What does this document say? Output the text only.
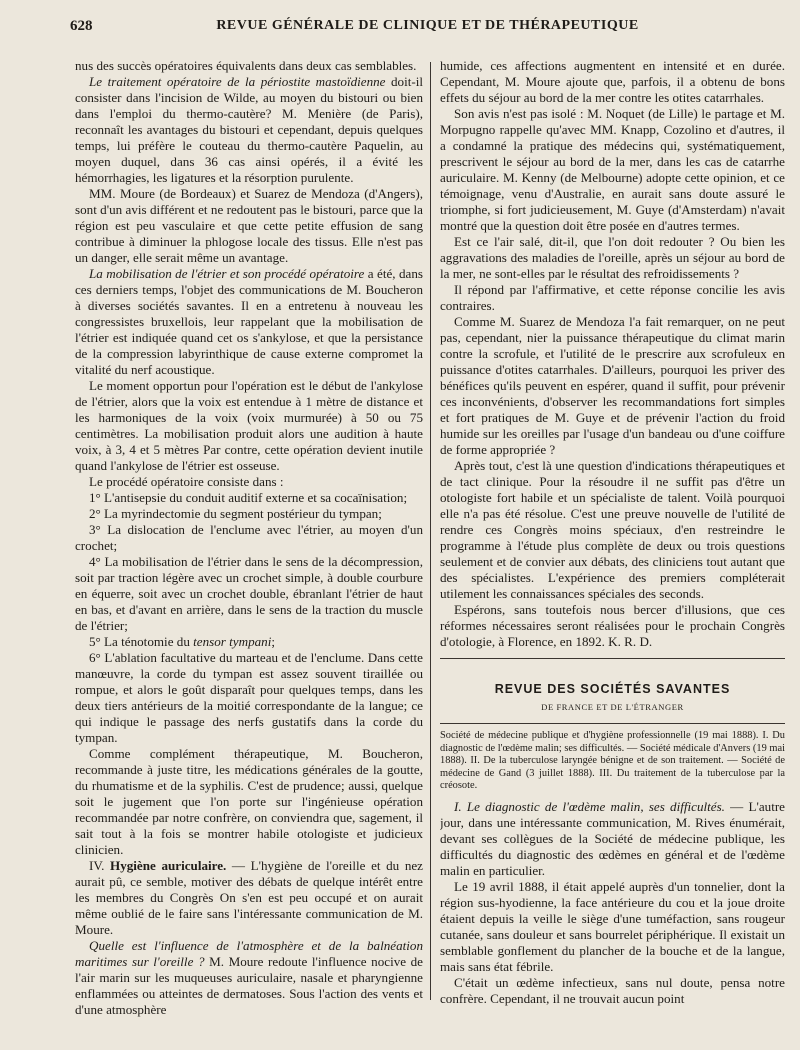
628	REVUE GÉNÉRALE DE CLINIQUE ET DE THÉRAPEUTIQUE

nus des succès opératoires équivalents dans deux cas semblables.

Le traitement opératoire de la périostite mastoïdienne doit-il consister dans l'incision de Wilde, au moyen du bistouri ou bien dans l'emploi du thermo-cautère? M. Menière (de Paris), reconnaît les avantages du bistouri et cependant, depuis quelques temps, lui préfère le couteau du thermo-cautère Paquelin, au moyen duquel, dans 36 cas ainsi opérés, il a évité les hémorrhagies, les ligatures et la résorption purulente.

MM. Moure (de Bordeaux) et Suarez de Mendoza (d'Angers), sont d'un avis différent et ne redoutent pas le bistouri, parce que la région est peu vasculaire et que cette petite effusion de sang contribue à diminuer la phlogose locale des tissus. Elle n'est pas un danger, elle serait même un avantage.

La mobilisation de l'étrier et son procédé opératoire a été, dans ces derniers temps, l'objet des communications de M. Boucheron à diverses sociétés savantes. Il en a entretenu à nouveau les congressistes bruxellois, leur rappelant que la mobilisation de l'étrier est indiquée quand cet os s'ankylose, et que la persistance de la compression labyrinthique de cause externe compromet la vitalité du nerf acoustique.

Le moment opportun pour l'opération est le début de l'ankylose de l'étrier, alors que la voix est entendue à 1 mètre de distance et les harmoniques de la voix (voix murmurée) à 50 ou 75 centimètres. La mobilisation produit alors une audition à haute voix, à 3, 4 et 5 mètres Par contre, cette opération devient inutile quand l'ankylose de l'étrier est osseuse.

Le procédé opératoire consiste dans :

1° L'antisepsie du conduit auditif externe et sa cocaïnisation;

2° La myrindectomie du segment postérieur du tympan;

3° La dislocation de l'enclume avec l'étrier, au moyen d'un crochet;

4° La mobilisation de l'étrier dans le sens de la décompression, soit par traction légère avec un crochet simple, à double courbure en équerre, soit avec un crochet double, ébranlant l'étrier de haut en bas, et d'avant en arrière, dans le sens de la traction du muscle de l'étrier;

5° La ténotomie du tensor tympani;

6° L'ablation facultative du marteau et de l'enclume. Dans cette manœuvre, la corde du tympan est assez souvent tiraillée ou rompue, et alors le goût disparaît pour quelques temps, dans les deux tiers antérieurs de la moitié correspondante de la langue; ce qui indique le passage des nerfs gustatifs dans la corde du tympan.

Comme complément thérapeutique, M. Boucheron, recommande à juste titre, les médications générales de la goutte, du rhumatisme et de la syphilis. C'est de prudence; aussi, quelque soit le jugement que l'on porte sur l'ingénieuse opération recommandée par notre confrère, on conviendra que, sagement, il sait tout à la fois se montrer habile otologiste et judicieux clinicien.

IV. Hygiène auriculaire. — L'hygiène de l'oreille et du nez aurait pû, ce semble, motiver des débats de quelque intérêt entre les membres du Congrès On s'en est peu occupé et on aurait même oublié de le faire sans l'intéressante communication de M. Moure.

Quelle est l'influence de l'atmosphère et de la balnéation maritimes sur l'oreille ? M. Moure redoute l'influence nocive de l'air marin sur les muqueuses auriculaire, nasale et pharyngienne enflammées ou atteintes de dermatoses. Sous l'action des vents et d'une atmosphère

humide, ces affections augmentent en intensité et en durée. Cependant, M. Moure ajoute que, parfois, il a obtenu de bons effets du séjour au bord de la mer contre les otites catarrhales.

Son avis n'est pas isolé : M. Noquet (de Lille) le partage et M. Morpugno rappelle qu'avec MM. Knapp, Cozolino et d'autres, il a condamné la pratique des médecins qui, systématiquement, prescrivent le séjour au bord de la mer, dans les cas de catarrhe auriculaire. M. Kenny (de Melbourne) adopte cette opinion, et ce témoignage, venu d'Australie, en aurait sans doute assuré le triomphe, si fort judicieusement, M. Guye (d'Amsterdam) n'avait montré que la question doit être posée en d'autres termes.

Est ce l'air salé, dit-il, que l'on doit redouter ? Ou bien les aggravations des maladies de l'oreille, après un séjour au bord de la mer, ne sont-elles par le résultat des refroidissements ?

Il répond par l'affirmative, et cette réponse concilie les avis contraires.

Comme M. Suarez de Mendoza l'a fait remarquer, on ne peut pas, cependant, nier la puissance thérapeutique du climat marin contre la scrofule, et l'utilité de le prescrire aux scrofuleux en puissance d'otites catarrhales. D'ailleurs, pourquoi les priver des bénéfices qu'ils peuvent en espérer, quand il suffit, pour prévenir ces inconvénients, d'observer les recommandations fort simples et fort pratiques de M. Guye et de prévenir l'action du froid humide sur les oreilles par l'usage d'un bandeau ou d'une coiffure de forme appropriée ?

Après tout, c'est là une question d'indications thérapeutiques et de tact clinique. Pour la résoudre il ne suffit pas d'être un otologiste fort habile et un spécialiste de talent. Voilà pourquoi elle n'a pas été résolue. C'est une preuve nouvelle de l'utilité de rendre ces Congrès moins spéciaux, d'en restreindre le programme à l'étude plus complète de deux ou trois questions seulement et de convier aux débats, des cliniciens tout autant que des spécialistes. L'expérience des premiers compléterait utilement les connaissances spéciales des seconds.

Espérons, sans toutefois nous bercer d'illusions, que ces réformes nécessaires seront réalisées pour le prochain Congrès d'otologie, à Florence, en 1892. K. R. D.

REVUE DES SOCIÉTÉS SAVANTES
DE FRANCE ET DE L'ÉTRANGER

Société de médecine publique et d'hygiène professionnelle (19 mai 1888). I. Du diagnostic de l'œdème malin; ses difficultés. — Société médicale d'Anvers (19 mai 1888). II. De la tuberculose laryngée bénigne et de son traitement. — Société de médecine de Gand (3 juillet 1888). III. Du traitement de la tuberculose par la créosote.

I. Le diagnostic de l'œdème malin, ses difficultés. — L'autre jour, dans une intéressante communication, M. Rives énumérait, devant ses collègues de la Société de médecine publique, les difficultés du diagnostic des œdèmes en général et de l'œdème malin en particulier.

Le 19 avril 1888, il était appelé auprès d'un tonnelier, dont la région sus-hyodienne, la face antérieure du cou et la joue droite étaient depuis la veille le siège d'une tuméfaction, sans rougeur cutanée, sans douleur et sans bourrelet périphérique. Il existait un semblable gonflement du plancher de la bouche et de la langue, mais sans état fébrile.

C'était un œdème infectieux, sans nul doute, pensa notre confrère. Cependant, il ne trouvait aucun point
